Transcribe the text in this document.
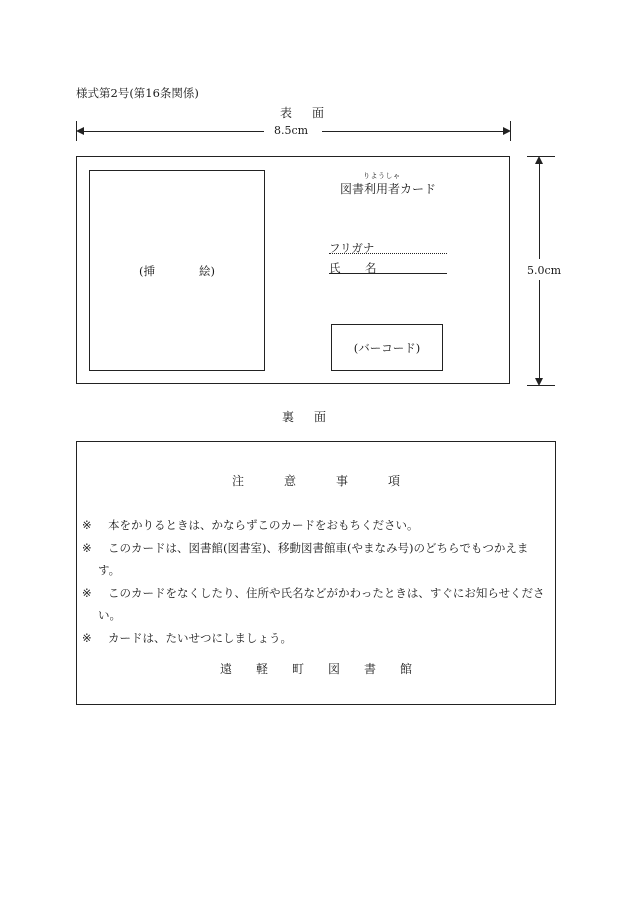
様式第2号(第16条関係)
表 面
8.5cm
(挿	絵)
りようしゃ
図書利用者カード
フリガナ
氏 名
(バーコード)
5.0cm
裏 面
注	意	事	項
※ 本をかりるときは、かならずこのカードをおもちください。
※ このカードは、図書館(図書室)、移動図書館車(やまなみ号)のどちらでもつかえます。
※ このカードをなくしたり、住所や氏名などがかわったときは、すぐにお知らせください。
※ カードは、たいせつにしましょう。
遠 軽 町 図 書 館
